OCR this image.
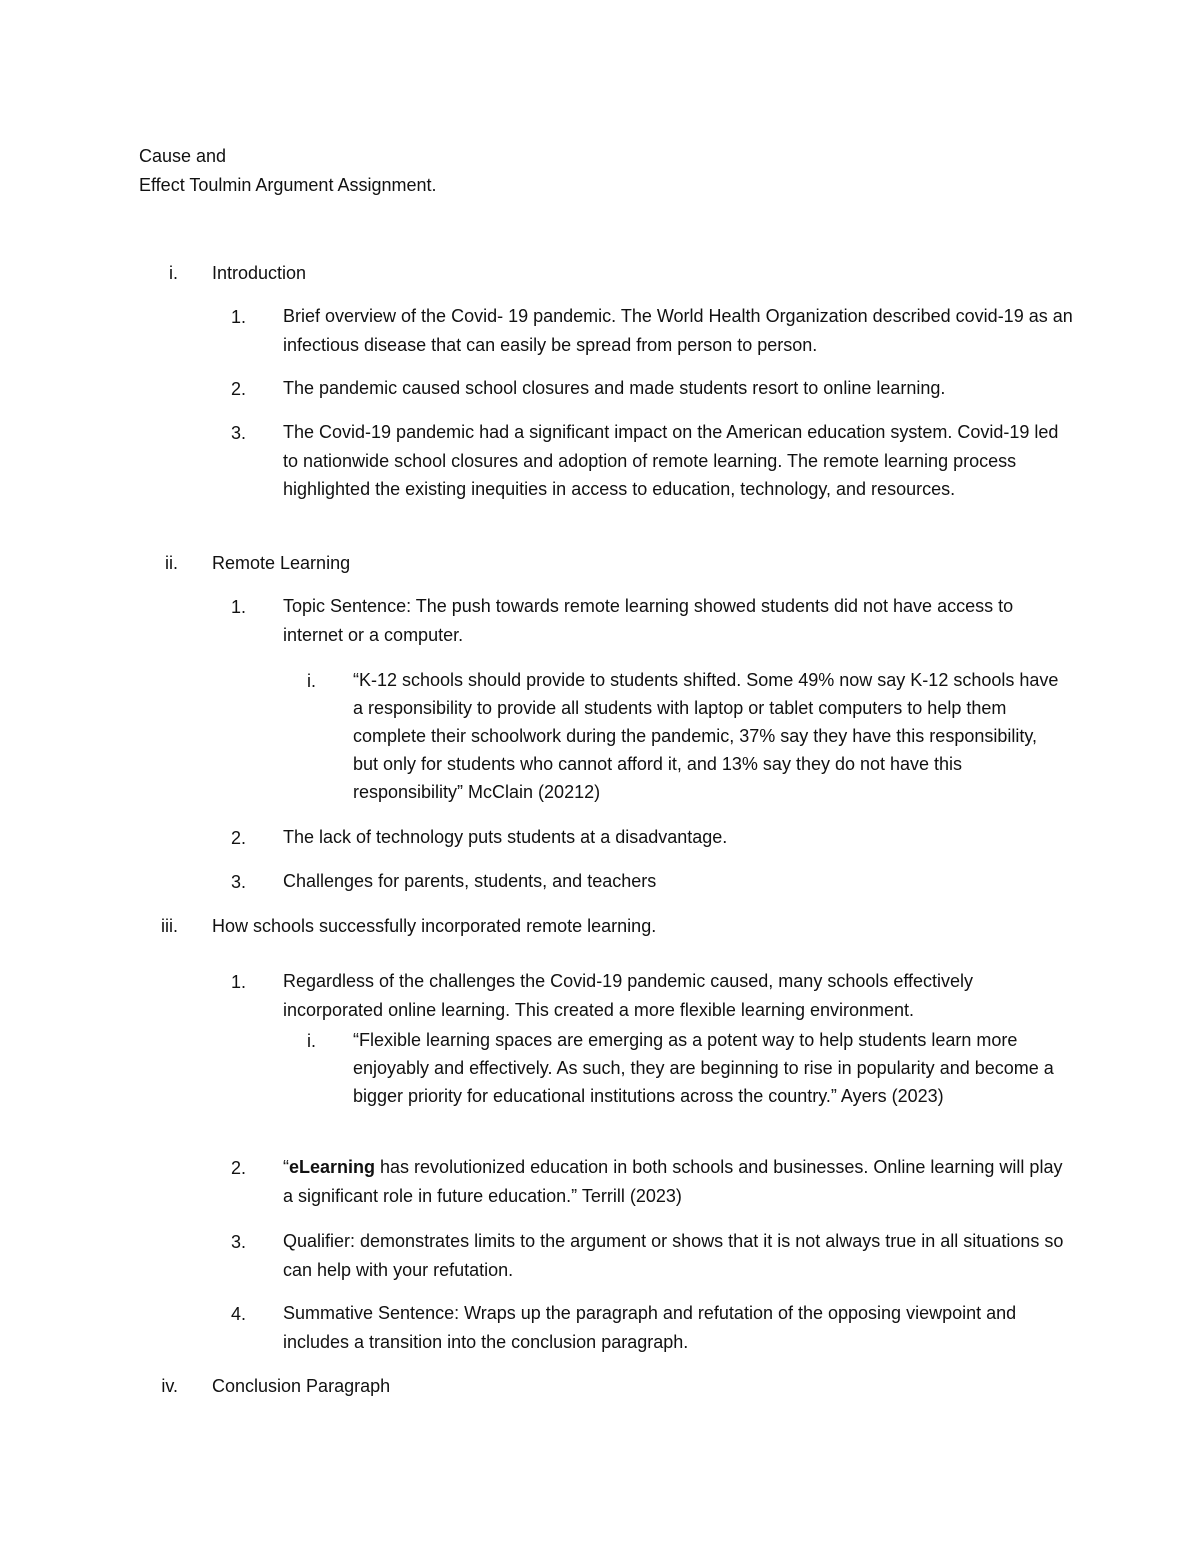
Cause and
Effect Toulmin Argument Assignment.
i. Introduction
1. Brief overview of the Covid- 19 pandemic. The World Health Organization described covid-19 as an infectious disease that can easily be spread from person to person.
2. The pandemic caused school closures and made students resort to online learning.
3. The Covid-19 pandemic had a significant impact on the American education system. Covid-19 led to nationwide school closures and adoption of remote learning. The remote learning process highlighted the existing inequities in access to education, technology, and resources.
ii. Remote Learning
1. Topic Sentence: The push towards remote learning showed students did not have access to internet or a computer.
i. “K-12 schools should provide to students shifted. Some 49% now say K-12 schools have a responsibility to provide all students with laptop or tablet computers to help them complete their schoolwork during the pandemic, 37% say they have this responsibility, but only for students who cannot afford it, and 13% say they do not have this responsibility” McClain (20212)
2. The lack of technology puts students at a disadvantage.
3. Challenges for parents, students, and teachers
iii. How schools successfully incorporated remote learning.
1. Regardless of the challenges the Covid-19 pandemic caused, many schools effectively incorporated online learning. This created a more flexible learning environment.
i. “Flexible learning spaces are emerging as a potent way to help students learn more enjoyably and effectively. As such, they are beginning to rise in popularity and become a bigger priority for educational institutions across the country.” Ayers (2023)
2. “eLearning has revolutionized education in both schools and businesses. Online learning will play a significant role in future education.” Terrill (2023)
3. Qualifier: demonstrates limits to the argument or shows that it is not always true in all situations so can help with your refutation.
4. Summative Sentence: Wraps up the paragraph and refutation of the opposing viewpoint and includes a transition into the conclusion paragraph.
iv. Conclusion Paragraph
